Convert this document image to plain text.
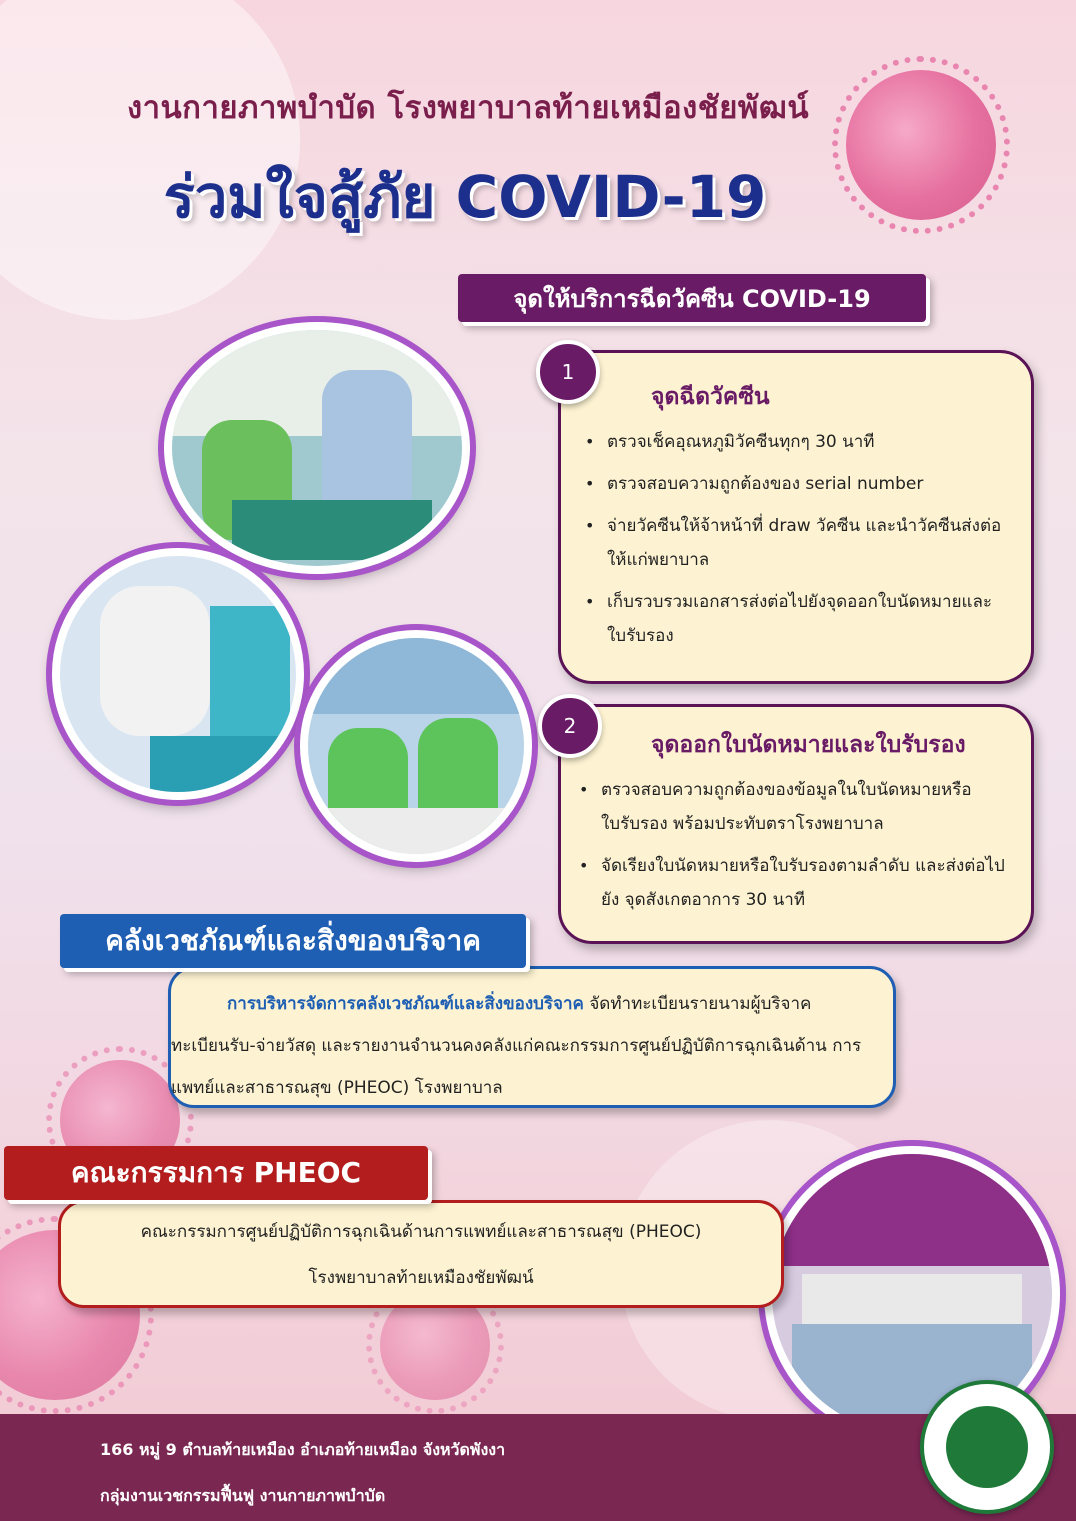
งานกายภาพบำบัด โรงพยาบาลท้ายเหมืองชัยพัฒน์
ร่วมใจสู้ภัย COVID-19
จุดให้บริการฉีดวัคซีน COVID-19
จุดฉีดวัคซีน
• ตรวจเช็คอุณหภูมิวัคซีนทุกๆ 30 นาที
• ตรวจสอบความถูกต้องของ serial number
• จ่ายวัคซีนให้จ้าหน้าที่ draw วัคซีน และนำวัคซีนส่งต่อ ให้แก่พยาบาล
• เก็บรวบรวมเอกสารส่งต่อไปยังจุดออกใบนัดหมายและ ใบรับรอง
1
จุดออกใบนัดหมายและใบรับรอง
• ตรวจสอบความถูกต้องของข้อมูลในใบนัดหมายหรือ ใบรับรอง พร้อมประทับตราโรงพยาบาล
• จัดเรียงใบนัดหมายหรือใบรับรองตามลำดับ และส่งต่อไปยัง จุดสังเกตอาการ 30 นาที
2

การบริหารจัดการคลังเวชภัณฑ์และสิ่งของบริจาค จัดทำทะเบียนรายนามผู้บริจาค ทะเบียนรับ-จ่ายวัสดุ และรายงานจำนวนคงคลังแก่คณะกรรมการศูนย์ปฏิบัติการฉุกเฉินด้าน การแพทย์และสาธารณสุข (PHEOC) โรงพยาบาล

คลังเวชภัณฑ์และสิ่งของบริจาค
คณะกรรมการศูนย์ปฏิบัติการฉุกเฉินด้านการแพทย์และสาธารณสุข (PHEOC)
โรงพยาบาลท้ายเหมืองชัยพัฒน์
คณะกรรมการ PHEOC
166 หมู่ 9 ตำบลท้ายเหมือง อำเภอท้ายเหมือง จังหวัดพังงา
กลุ่มงานเวชกรรมฟื้นฟู งานกายภาพบำบัด
